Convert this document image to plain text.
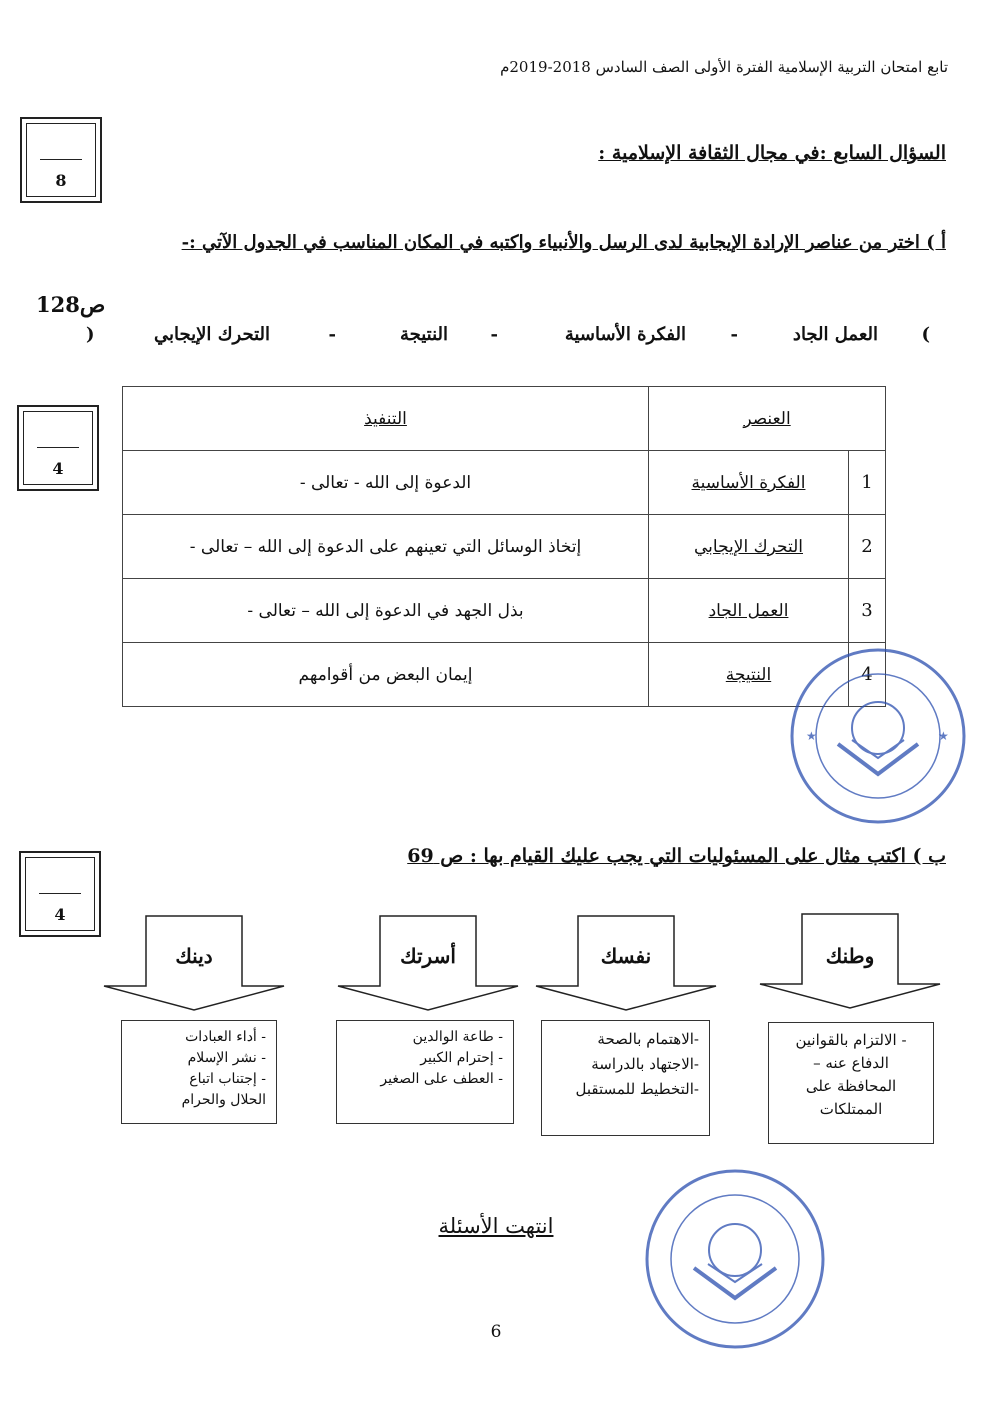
تابع امتحان التربية الإسلامية الفترة الأولى الصف السادس 2018-2019م
السؤال السابع :في مجال الثقافة الإسلامية :
8
أ ) اختر من عناصر الإرادة الإيجابية لدى الرسل والأنبياء واكتبه في المكان المناسب في الجدول الآتي :-
ص128
(
العمل الجاد
-
الفكرة الأساسية
-
النتيجة
-
التحرك الإيجابي
)
4
العنصر		التنفيذ
1	الفكرة الأساسية	الدعوة إلى الله - تعالى -
2	التحرك الإيجابي	إتخاذ الوسائل التي تعينهم على الدعوة إلى الله – تعالى -
3	العمل الجاد	بذل الجهد في الدعوة إلى الله – تعالى -
4	النتيجة	إيمان البعض من أقوامهم
★	★
ب ) اكتب مثال على المسئوليات التي يجب عليك القيام بها : ص 69
4
وطنك
نفسك
أسرتك
دينك
- الالتزام بالقوانين
الدفاع عنه –
المحافظة على
الممتلكات
-الاهتمام بالصحة
-الاجتهاد بالدراسة
-التخطيط للمستقبل
- طاعة الوالدين
- إحترام الكبير
- العطف على الصغير
- أداء العبادات
- نشر الإسلام
- إجتناب اتباع
الحلال والحرام
انتهت الأسئلة
6
